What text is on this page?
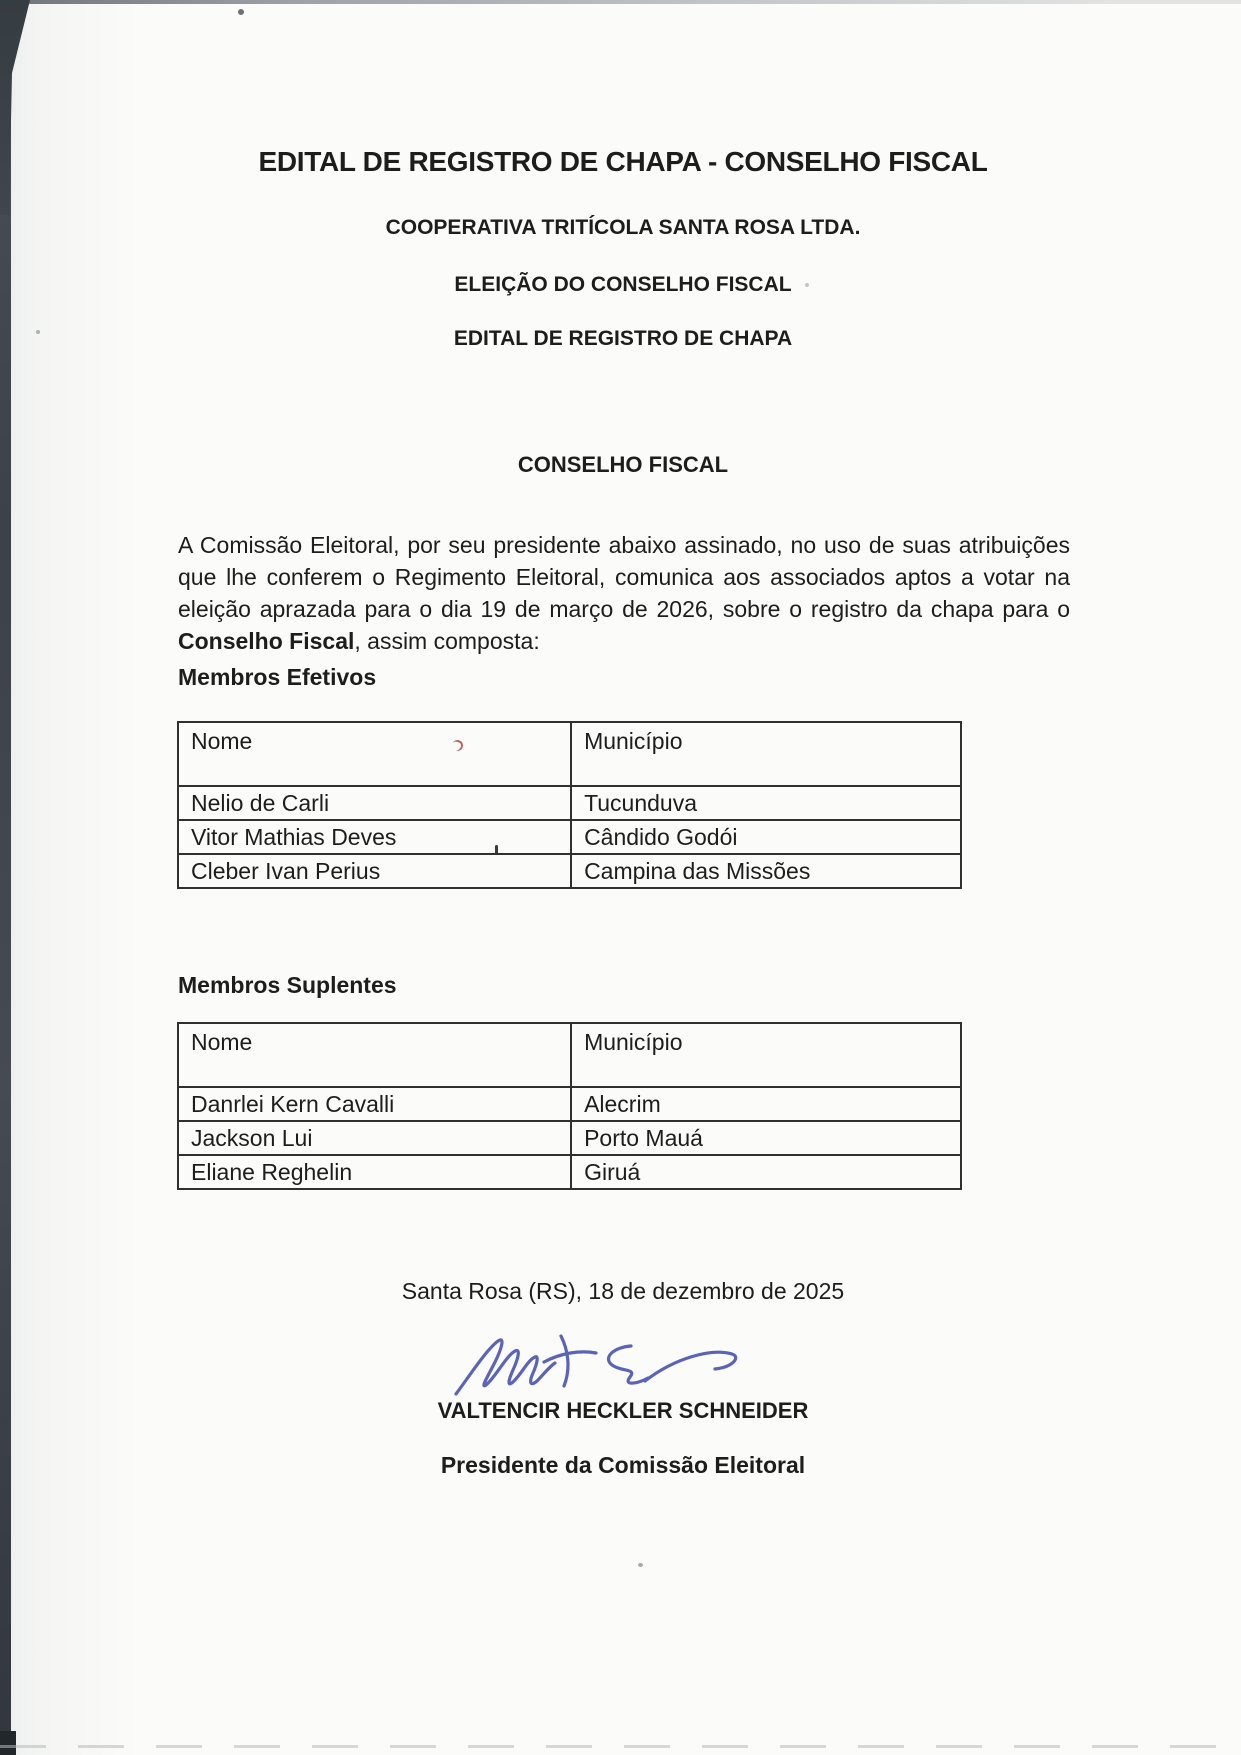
EDITAL DE REGISTRO DE CHAPA - CONSELHO FISCAL
COOPERATIVA TRITÍCOLA SANTA ROSA LTDA.
ELEIÇÃO DO CONSELHO FISCAL
EDITAL DE REGISTRO DE CHAPA
CONSELHO FISCAL

A Comissão Eleitoral, por seu presidente abaixo assinado, no uso de suas atribuições que lhe conferem o Regimento Eleitoral, comunica aos associados aptos a votar na eleição aprazada para o dia 19 de março de 2026, sobre o registro da chapa para o Conselho Fiscal, assim composta:

Membros Efetivos
Nome	Município
Nelio de Carli	Tucunduva
Vitor Mathias Deves	Cândido Godói
Cleber Ivan Perius	Campina das Missões
Membros Suplentes
Nome	Município
Danrlei Kern Cavalli	Alecrim
Jackson Lui	Porto Mauá
Eliane Reghelin	Giruá
Santa Rosa (RS), 18 de dezembro de 2025
VALTENCIR HECKLER SCHNEIDER
Presidente da Comissão Eleitoral
